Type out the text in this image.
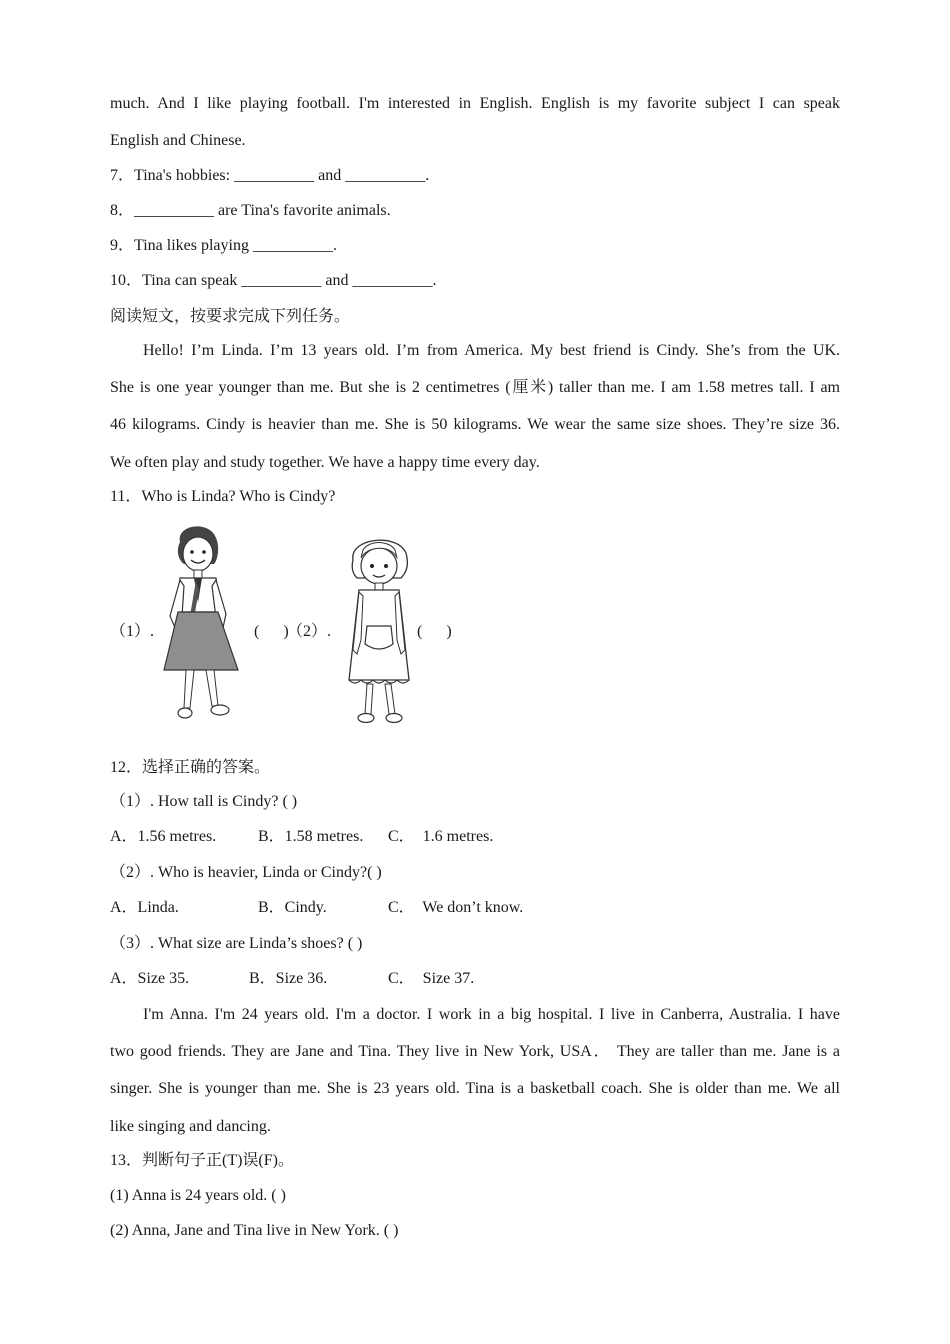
much. And I like playing football. I'm interested in English. English is my favorite subject I can speak
English and Chinese.
7．Tina's hobbies: __________ and __________.
8．__________ are Tina's favorite animals.
9．Tina likes playing __________.
10．Tina can speak __________ and __________.
阅读短文，按要求完成下列任务。
Hello! I’m Linda. I’m 13 years old. I’m from America. My best friend is Cindy. She’s from the UK.
She is one year younger than me. But she is 2 centimetres (厘米) taller than me. I am 1.58 metres tall. I am
46 kilograms. Cindy is heavier than me. She is 50 kilograms. We wear the same size shoes. They’re size 36.
We often play and study together. We have a happy time every day.
11．Who is Linda? Who is Cindy?
（1）.	(      )
（2）.	(      )
12．选择正确的答案。
（1）. How tall is Cindy? ( )
A．1.56 metres.	B．1.58 metres. C．  1.6 metres.
（2）. Who is heavier, Linda or Cindy?( )
A．Linda.	B．Cindy.	C．  We don’t know.
（3）. What size are Linda’s shoes? ( )
A．Size 35.	B．Size 36.	C．  Size 37.
I'm Anna. I'm 24 years old. I'm a doctor. I work in a big hospital. I live in Canberra, Australia. I have
two good friends. They are Jane and Tina. They live in New York, USA． They are taller than me. Jane is a
singer. She is younger than me. She is 23 years old. Tina is a basketball coach. She is older than me. We all
like singing and dancing.
13．判断句子正(T)误(F)。
(1) Anna is 24 years old. ( )
(2) Anna, Jane and Tina live in New York. ( )
